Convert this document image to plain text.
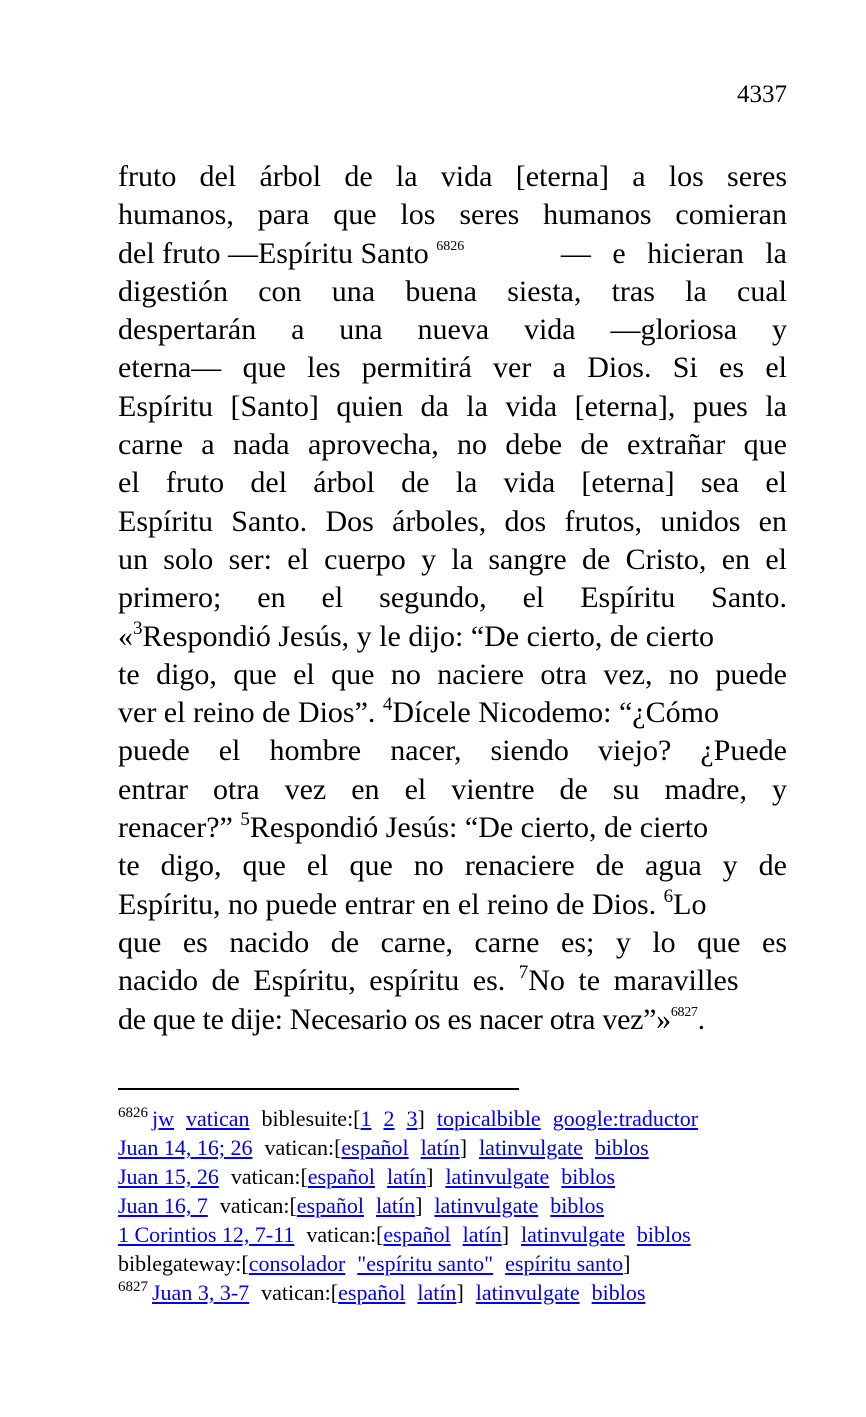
4337
fruto del árbol de la vida [eterna] a los seres
humanos, para que los seres humanos comieran
del fruto —Espíritu Santo $^{6826}$	— e hicieran la
digestión con una buena siesta, tras la cual
despertarán a una nueva vida —gloriosa y
eterna— que les permitirá ver a Dios. Si es el
Espíritu [Santo] quien da la vida [eterna], pues la
carne a nada aprovecha, no debe de extrañar que
el fruto del árbol de la vida [eterna] sea el
Espíritu Santo. Dos árboles, dos frutos, unidos en
un solo ser: el cuerpo y la sangre de Cristo, en el
primero; en el segundo, el Espíritu Santo.
«$^3$Respondió Jesús, y le dijo: “De cierto, de cierto
te digo, que el que no naciere otra vez, no puede
ver el reino de Dios”. $^4$Dícele Nicodemo: “¿Cómo
puede el hombre nacer, siendo viejo? ¿Puede
entrar otra vez en el vientre de su madre, y
renacer?” $^5$Respondió Jesús: “De cierto, de cierto
te digo, que el que no renaciere de agua y de
Espíritu, no puede entrar en el reino de Dios. $^6$Lo
que es nacido de carne, carne es; y lo que es
nacido de Espíritu, espíritu es. $^7$No te maravilles
de que te dije: Necesario os es nacer otra vez”»$^{6827}$.
$^{6826}$ jw vatican biblesuite:[1 2 3] topicalbible google:traductor
Juan 14, 16; 26 vatican:[español latín] latinvulgate biblos
Juan 15, 26 vatican:[español latín] latinvulgate biblos
Juan 16, 7 vatican:[español latín] latinvulgate biblos
1 Corintios 12, 7-11 vatican:[español latín] latinvulgate biblos
biblegateway:[consolador "espíritu santo" espíritu santo]
$^{6827}$ Juan 3, 3-7 vatican:[español latín] latinvulgate biblos
